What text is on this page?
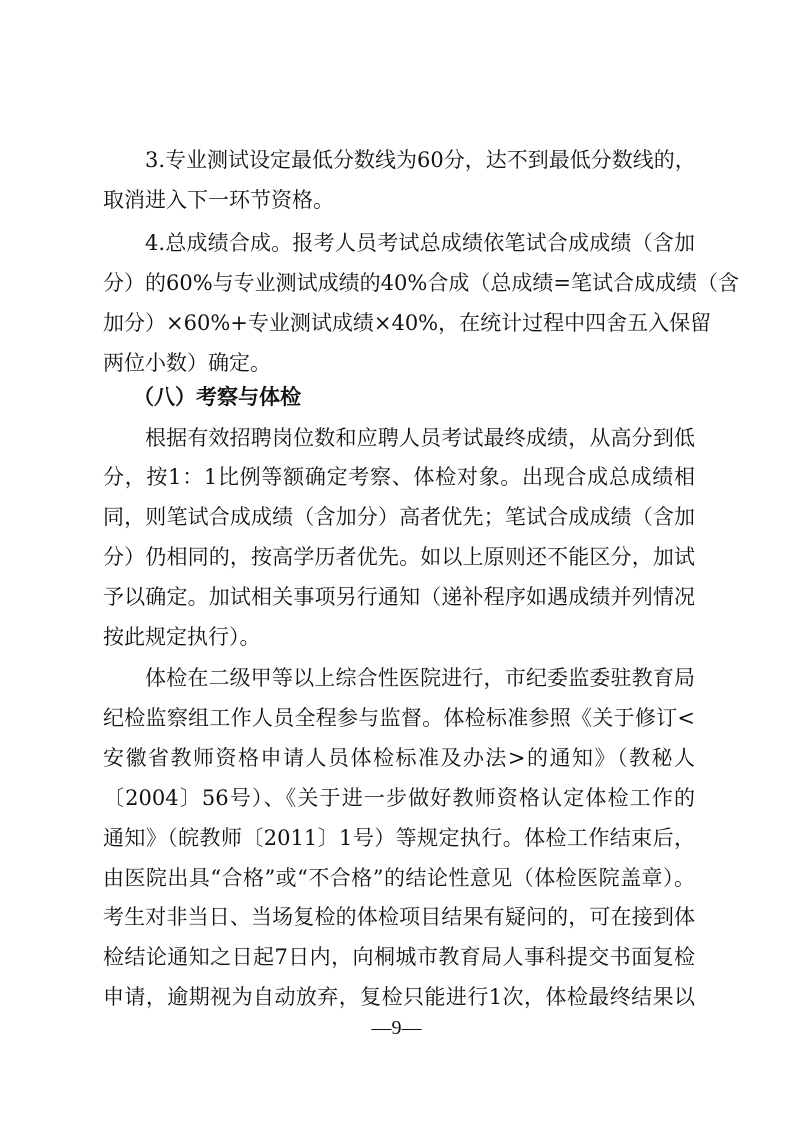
3.专业测试设定最低分数线为60分，达不到最低分数线的，
取消进入下一环节资格。
4.总成绩合成。报考人员考试总成绩依笔试合成成绩（含加
分）的60%与专业测试成绩的40%合成（总成绩=笔试合成成绩（含
加分）×60%+专业测试成绩×40%，在统计过程中四舍五入保留
两位小数）确定。
（八）考察与体检
根据有效招聘岗位数和应聘人员考试最终成绩，从高分到低
分，按1：1比例等额确定考察、体检对象。出现合成总成绩相
同，则笔试合成成绩（含加分）高者优先；笔试合成成绩（含加
分）仍相同的，按高学历者优先。如以上原则还不能区分，加试
予以确定。加试相关事项另行通知（递补程序如遇成绩并列情况
按此规定执行）。
体检在二级甲等以上综合性医院进行，市纪委监委驻教育局
纪检监察组工作人员全程参与监督。体检标准参照《关于修订<
安徽省教师资格申请人员体检标准及办法>的通知》（教秘人
〔2004〕56号）、《关于进一步做好教师资格认定体检工作的
通知》（皖教师〔2011〕1号）等规定执行。体检工作结束后，
由医院出具“合格”或“不合格”的结论性意见（体检医院盖章）。
考生对非当日、当场复检的体检项目结果有疑问的，可在接到体
检结论通知之日起7日内，向桐城市教育局人事科提交书面复检
申请，逾期视为自动放弃，复检只能进行1次，体检最终结果以
—9—
